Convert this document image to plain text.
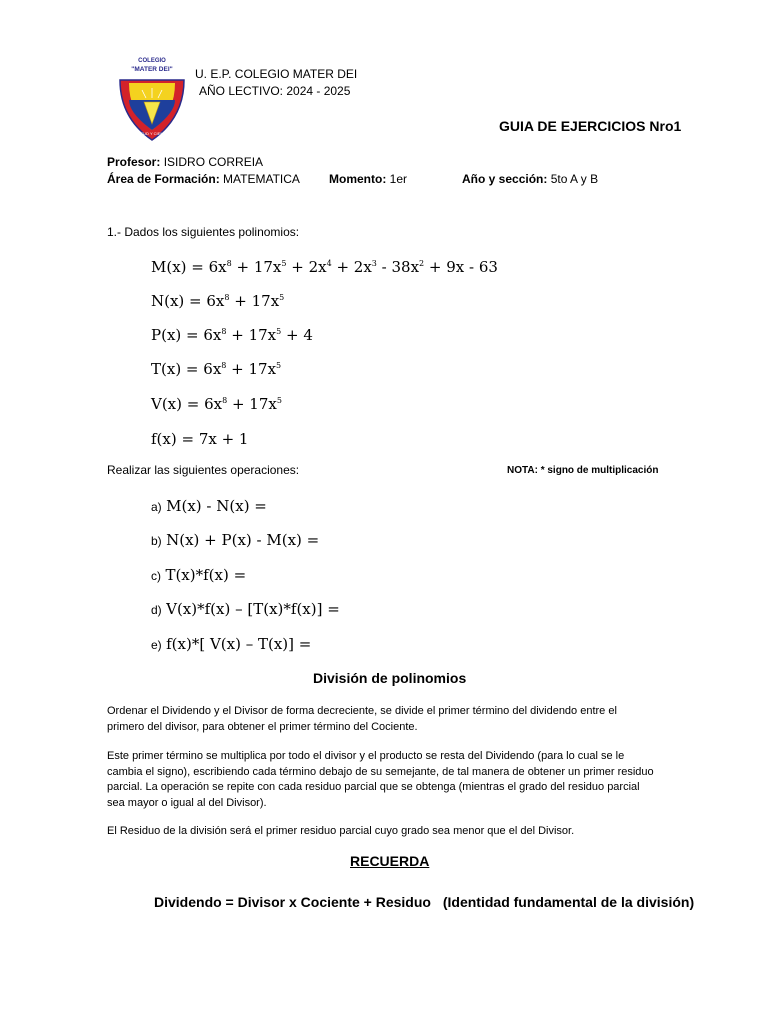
COLEGIO
"MATER DEI"
VIRTUD Y CIENCIA
U. E.P. COLEGIO MATER DEI
AÑO LECTIVO: 2024 - 2025
GUIA DE EJERCICIOS Nro1
Profesor: ISIDRO CORREIA
Área de Formación: MATEMATICA Momento: 1er	Año y sección: 5to A y B
1.- Dados los siguientes polinomios:
$M(x) = 6x^8 + 17x^5 + 2x^4 + 2x^3 - 38x^2 + 9x - 63$
$N(x) = 6x^8 + 17x^5$
$P(x) = 6x^8 + 17x^5 + 4$
$T(x) = 6x^8 + 17x^5$
$V(x) = 6x^8 + 17x^5$
f(x) = 7x + 1
Realizar las siguientes operaciones:	NOTA: * signo de multiplicación
a) M(x) - N(x) =
b) N(x) + P(x) - M(x) =
c) T(x)*f(x) =
d) V(x)*f(x) – [T(x)*f(x)] =
e) f(x)*[ V(x) – T(x)] =
División de polinomios
Ordenar el Dividendo y el Divisor de forma decreciente, se divide el primer término del dividendo entre el primero del divisor, para obtener el primer término del Cociente.
Este primer término se multiplica por todo el divisor y el producto se resta del Dividendo (para lo cual se le cambia el signo), escribiendo cada término debajo de su semejante, de tal manera de obtener un primer residuo parcial. La operación se repite con cada residuo parcial que se obtenga (mientras el grado del residuo parcial sea mayor o igual al del Divisor).
El Residuo de la división será el primer residuo parcial cuyo grado sea menor que el del Divisor.
RECUERDA
Dividendo = Divisor x Cociente + Residuo (Identidad fundamental de la división)
